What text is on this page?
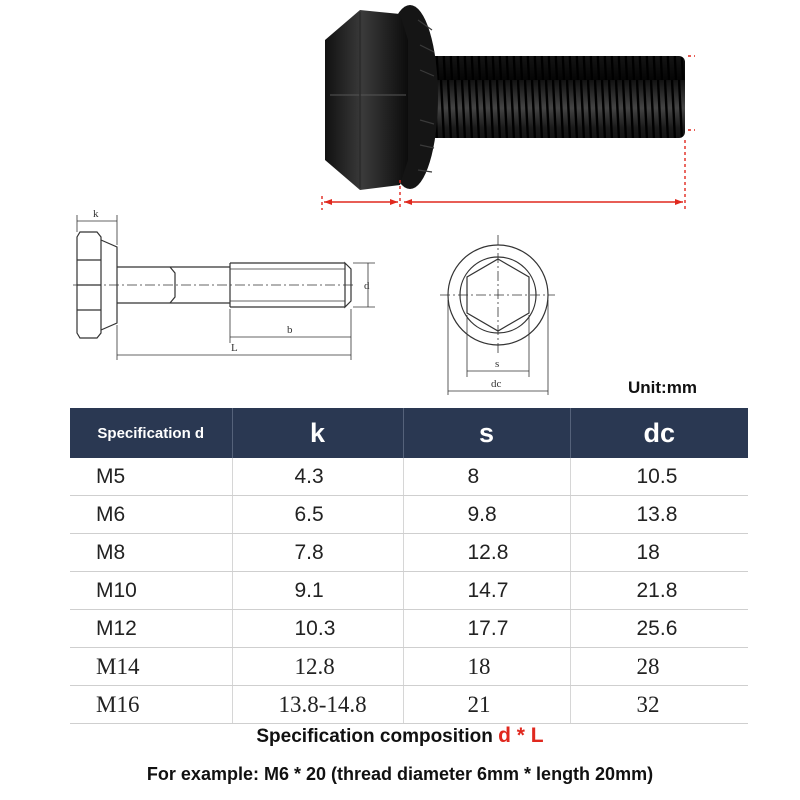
k
d
b
L
s
dc	Unit:mm
Specification d	k	s	dc
M5	4.3	8	10.5
M6	6.5	9.8	13.8
M8	7.8	12.8	18
M10	9.1	14.7	21.8
M12	10.3	17.7	25.6
M14	12.8	18	28
M16	13.8-14.8	21	32
Specification composition d * L
For example: M6 * 20 (thread diameter 6mm * length 20mm)
